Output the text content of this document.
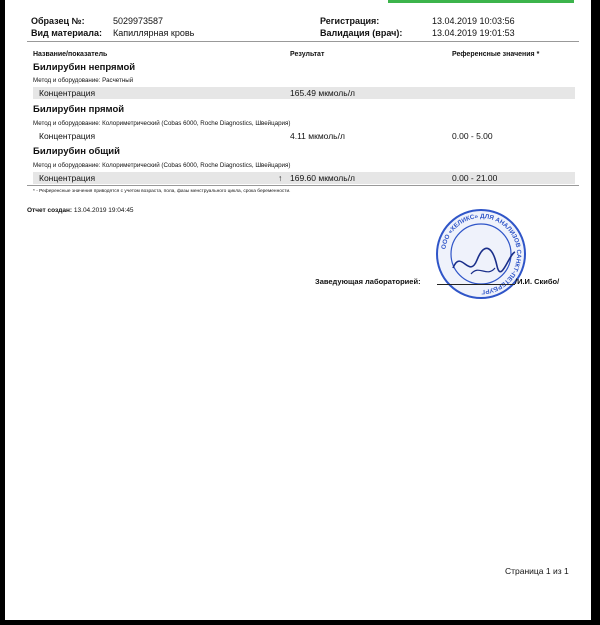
Образец №:	5029973587
Вид материала: Капиллярная кровь
Регистрация:	13.04.2019 10:03:56
Валидация (врач):	13.04.2019 19:01:53
Название/показатель	Результат	Референсные значения *
Билирубин непрямой
Метод и оборудование: Расчетный
Концентрация	165.49 мкмоль/л
Билирубин прямой
Метод и оборудование: Колориметрический (Cobas 6000, Roche Diagnostics, Швейцария)
Концентрация	4.11 мкмоль/л	0.00 - 5.00
Билирубин общий
Метод и оборудование: Колориметрический (Cobas 6000, Roche Diagnostics, Швейцария)
Концентрация	↑ 169.60 мкмоль/л	0.00 - 21.00
* - Референсные значения приводятся с учетом возраста, пола, фазы менструального цикла, срока беременности.
Отчет создан: 13.04.2019 19:04:45
ООО «ХЕЛИКС» ДЛЯ АНАЛИЗОВ САНКТ-ПЕТЕРБУРГ
Заведующая лабораторией:	/И.И. Скибо/
Страница 1 из 1
